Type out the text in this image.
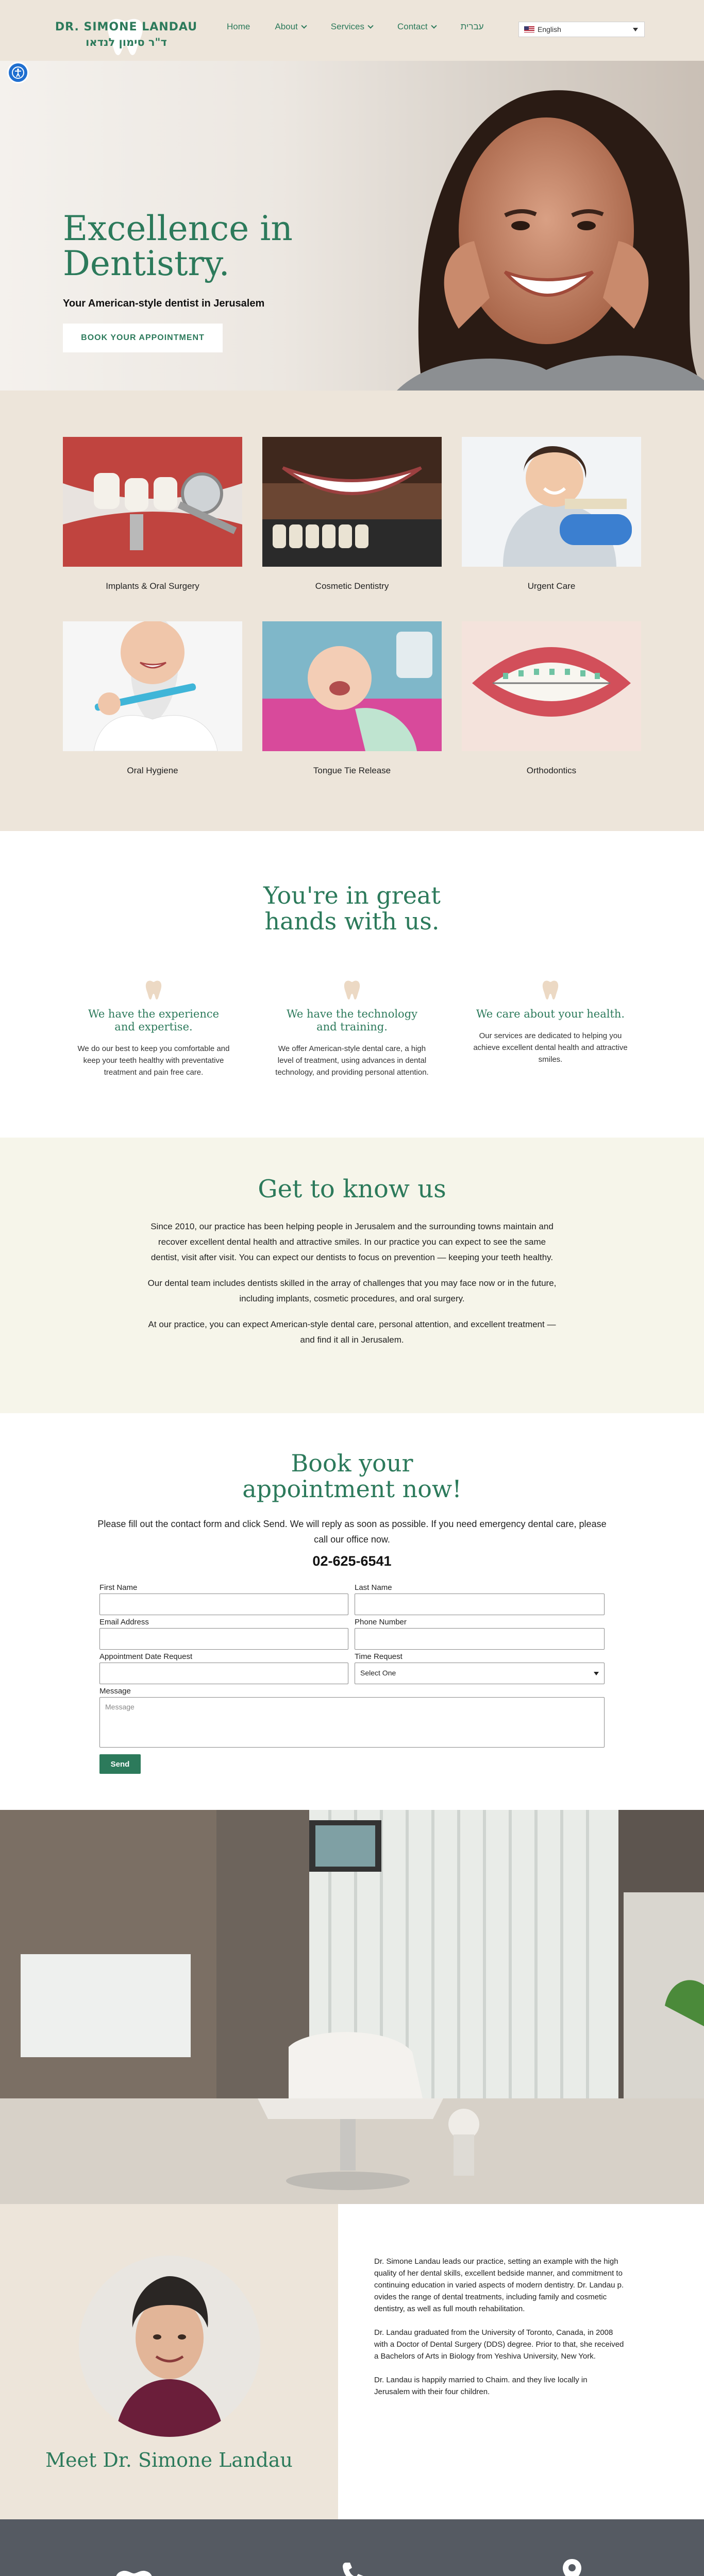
DR. SIMONE LANDAU
ד"ר סימון לנדאו
Home	About	Services	Contact	עברית	English
Excellence in
Dentistry.
Your American-style dentist in Jerusalem
BOOK YOUR APPOINTMENT
Implants & Oral Surgery	Cosmetic Dentistry	Urgent Care
Oral Hygiene	Tongue Tie Release	Orthodontics
You're in great
hands with us.
We have the experience and expertise.

We do our best to keep you comfortable and keep your teeth healthy with preventative treatment and pain free care.

We have the technology and training.

We offer American-style dental care, a high level of treatment, using advances in dental technology, and providing personal attention.

We care about your health.

Our services are dedicated to helping you achieve excellent dental health and attractive smiles.

Get to know us

Since 2010, our practice has been helping people in Jerusalem and the surrounding towns maintain and recover excellent dental health and attractive smiles. In our practice you can expect to see the same dentist, visit after visit. You can expect our dentists to focus on prevention — keeping your teeth healthy.

Our dental team includes dentists skilled in the array of challenges that you may face now or in the future, including implants, cosmetic procedures, and oral surgery.

At our practice, you can expect American-style dental care, personal attention, and excellent treatment — and find it all in Jerusalem.

Book your
appointment now!
Please fill out the contact form and click Send. We will reply as soon as possible. If you need emergency dental care, please call our office now.
02-625-6541
First Name	Last Name
Email Address	Phone Number
Appointment Date Request	Time Request
Select One
Message
Message
Send
Meet Dr. Simone Landau

Dr. Simone Landau leads our practice, setting an example with the high quality of her dental skills, excellent bedside manner, and commitment to continuing education in varied aspects of modern dentistry. Dr. Landau p. ovides the range of dental treatments, including family and cosmetic dentistry, as well as full mouth rehabilitation.

Dr. Landau graduated from the University of Toronto, Canada, in 2008 with a Doctor of Dental Surgery (DDS) degree. Prior to that, she received a Bachelors of Arts in Biology from Yeshiva University, New York.

Dr. Landau is happily married to Chaim. and they live locally in Jerusalem with their four children.
